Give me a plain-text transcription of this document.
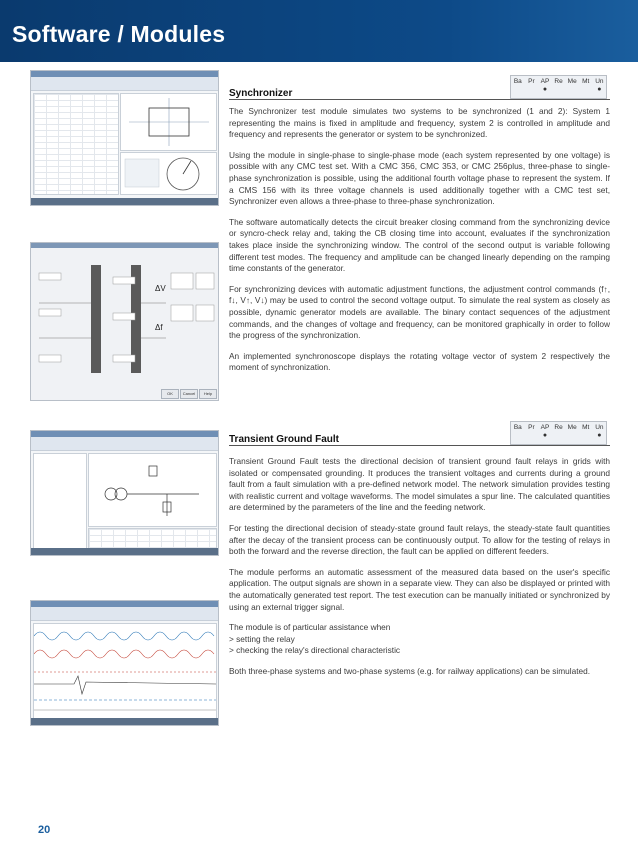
Software / Modules
ΔV
Δf
OK	Cancel	Help
Synchronizer
Ba Pr AP
●
Re Me Mt Un
●

The Synchronizer test module simulates two systems to be synchronized (1 and 2): System 1 representing the mains is fixed in amplitude and frequency, system 2 is controlled in amplitude and frequency and represents the generator or system to be synchronized.

Using the module in single-phase to single-phase mode (each system represented by one voltage) is possible with any CMC test set. With a CMC 356, CMC 353, or CMC 256plus, three-phase to single-phase synchronization is possible, using the additional fourth voltage phase to represent the system. If a CMS 156 with its three voltage channels is used additionally together with a CMC test set, Synchronizer even allows a three-phase to three-phase synchronization.

The software automatically detects the circuit breaker closing command from the synchronizing device or syncro-check relay and, taking the CB closing time into account, evaluates if the synchronization takes place inside the synchronizing window. The control of the second output is variable following different test modes. The frequency and amplitude can be changed linearly depending on the ramping time constants of the generator.

For synchronizing devices with automatic adjustment functions, the adjustment control commands (f↑, f↓, V↑, V↓) may be used to control the second voltage output. To simulate the real system as closely as possible, dynamic generator models are available. The binary contact sequences of the adjustment commands, and the changes of voltage and frequency, can be monitored graphically in order to follow the progress of the synchronization.

An implemented synchronoscope displays the rotating voltage vector of system 2 respectively the moment of synchronization.

Transient Ground Fault
Ba Pr AP
●
Re Me Mt Un
●

Transient Ground Fault tests the directional decision of transient ground fault relays in grids with isolated or compensated grounding. It produces the transient voltages and currents during a ground fault from a fault simulation with a pre-defined network model. The network simulation provides testing with realistic current and voltage waveforms. The model simulates a spur line. The calculated quantities are determined by the parameters of the line and the feeding network.

For testing the directional decision of steady-state ground fault relays, the steady-state fault quantities after the decay of the transient process can be continuously output. To allow for the testing of relays in both the forward and the reverse direction, the fault can be applied on different feeders.

The module performs an automatic assessment of the measured data based on the user's specific application. The output signals are shown in a separate view. They can also be displayed or printed with the automatically generated test report. The test execution can be manually initiated or synchronized by using an external trigger signal.

The module is of particular assistance when

> setting the relay

> checking the relay's directional characteristic

Both three-phase systems and two-phase systems (e.g. for railway applications) can be simulated.

20
